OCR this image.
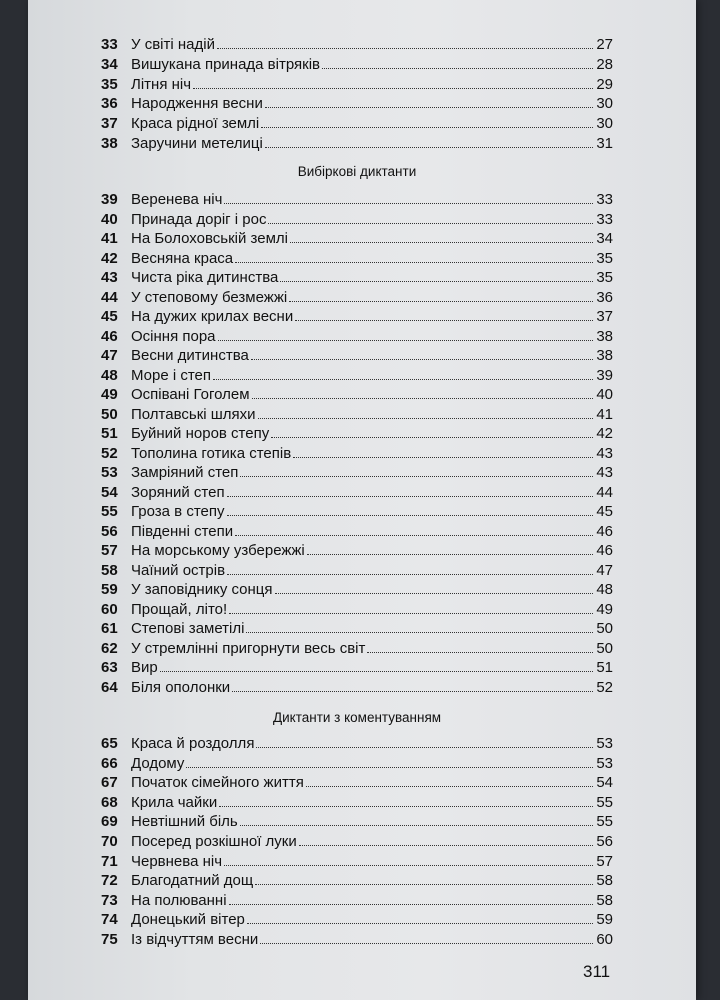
33 У світі надій	27
34 Вишукана принада вітряків	28
35 Літня ніч	29
36 Народження весни	30
37 Краса рідної землі	30
38 Заручини метелиці	31
39 Веренева ніч	33
40 Принада доріг і рос	33
41 На Болоховській землі	34
42 Весняна краса	35
43 Чиста ріка дитинства	35
44 У степовому безмежжі	36
45 На дужих крилах весни	37
46 Осіння пора	38
47 Весни дитинства	38
48 Море і степ	39
49 Оспівані Гоголем	40
50 Полтавські шляхи	41
51 Буйний норов степу	42
52 Тополина готика степів	43
53 Замріяний степ	43
54 Зоряний степ	44
55 Гроза в степу	45
56 Південні степи	46
57 На морському узбережжі	46
58 Чаїний острів	47
59 У заповіднику сонця	48
60 Прощай, літо!	49
61 Степові заметілі	50
62 У стремлінні пригорнути весь світ	50
63 Вир	51
64 Біля ополонки	52
65 Краса й роздолля	53
66 Додому	53
67 Початок сімейного життя	54
68 Крила чайки	55
69 Невтішний біль	55
70 Посеред розкішної луки	56
71 Червнева ніч	57
72 Благодатний дощ	58
73 На полюванні	58
74 Донецький вітер	59
75 Із відчуттям весни	60
Вибіркові диктанти
Диктанти з коментуванням
311
